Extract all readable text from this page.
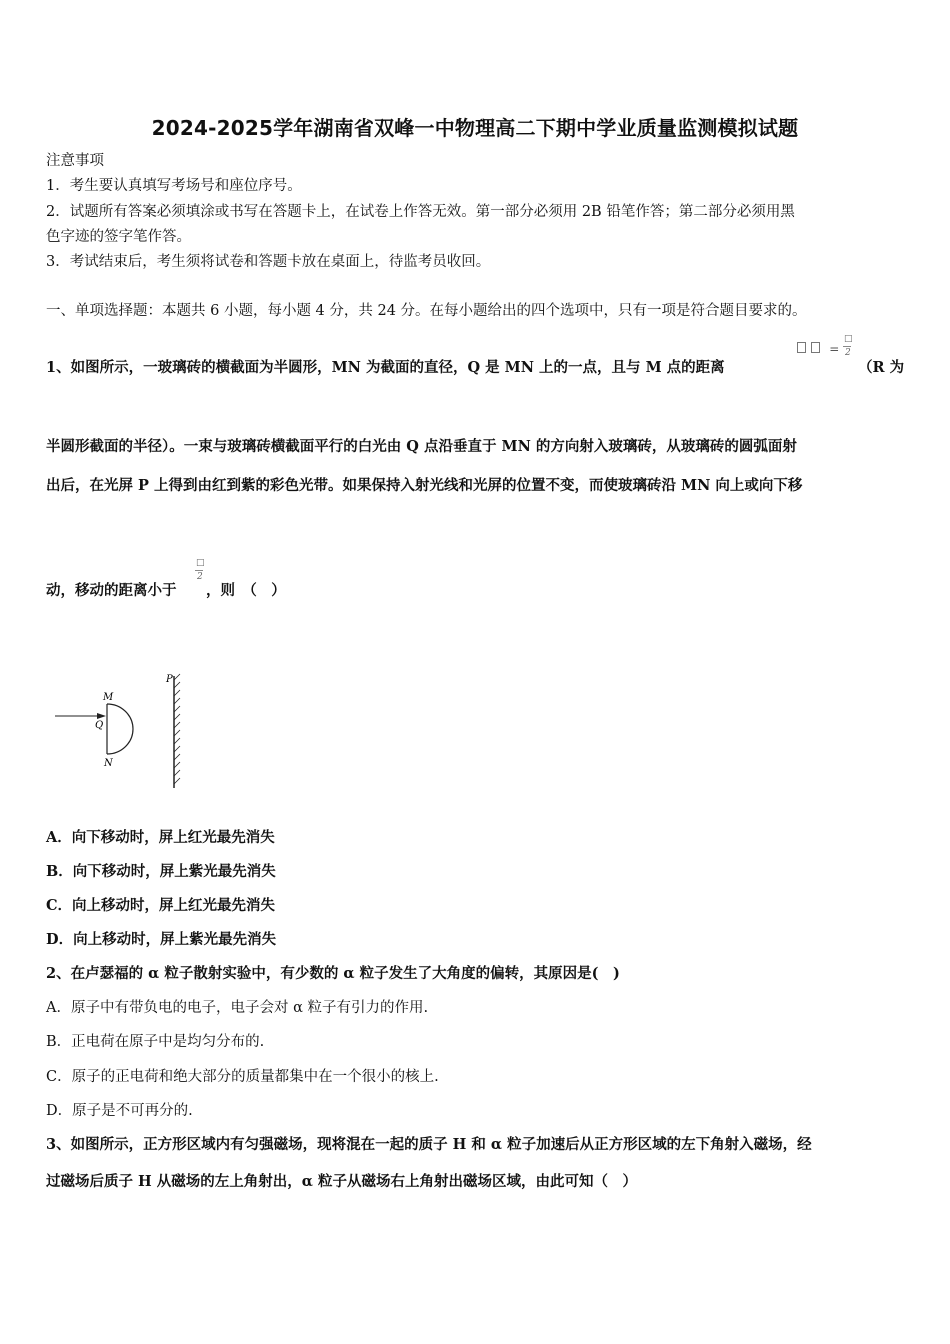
2024-2025学年湖南省双峰一中物理高二下期中学业质量监测模拟试题
注意事项
1．考生要认真填写考场号和座位序号。
2．试题所有答案必须填涂或书写在答题卡上，在试卷上作答无效。第一部分必须用 2B 铅笔作答；第二部分必须用黑
色字迹的签字笔作答。
3．考试结束后，考生须将试卷和答题卡放在桌面上，待监考员收回。
一、单项选择题：本题共 6 小题，每小题 4 分，共 24 分。在每小题给出的四个选项中，只有一项是符合题目要求的。
1、如图所示，一玻璃砖的横截面为半圆形，MN 为截面的直径，Q 是 MN 上的一点，且与 M 点的距离
=
□
2
（R 为
半圆形截面的半径）。一束与玻璃砖横截面平行的白光由 Q 点沿垂直于 MN 的方向射入玻璃砖，从玻璃砖的圆弧面射
出后，在光屏 P 上得到由红到紫的彩色光带。如果保持入射光线和光屏的位置不变，而使玻璃砖沿 MN 向上或向下移
动，移动的距离小于
□
2
，则　（　）
M
Q
N
P
A．向下移动时，屏上红光最先消失
B．向下移动时，屏上紫光最先消失
C．向上移动时，屏上红光最先消失
D．向上移动时，屏上紫光最先消失
2、在卢瑟福的 α 粒子散射实验中，有少数的 α 粒子发生了大角度的偏转，其原因是(　)
A．原子中有带负电的电子，电子会对 α 粒子有引力的作用.
B．正电荷在原子中是均匀分布的.
C．原子的正电荷和绝大部分的质量都集中在一个很小的核上.
D．原子是不可再分的.
3、如图所示，正方形区域内有匀强磁场，现将混在一起的质子 H 和 α 粒子加速后从正方形区域的左下角射入磁场，经
过磁场后质子 H 从磁场的左上角射出，α 粒子从磁场右上角射出磁场区域，由此可知（　）
